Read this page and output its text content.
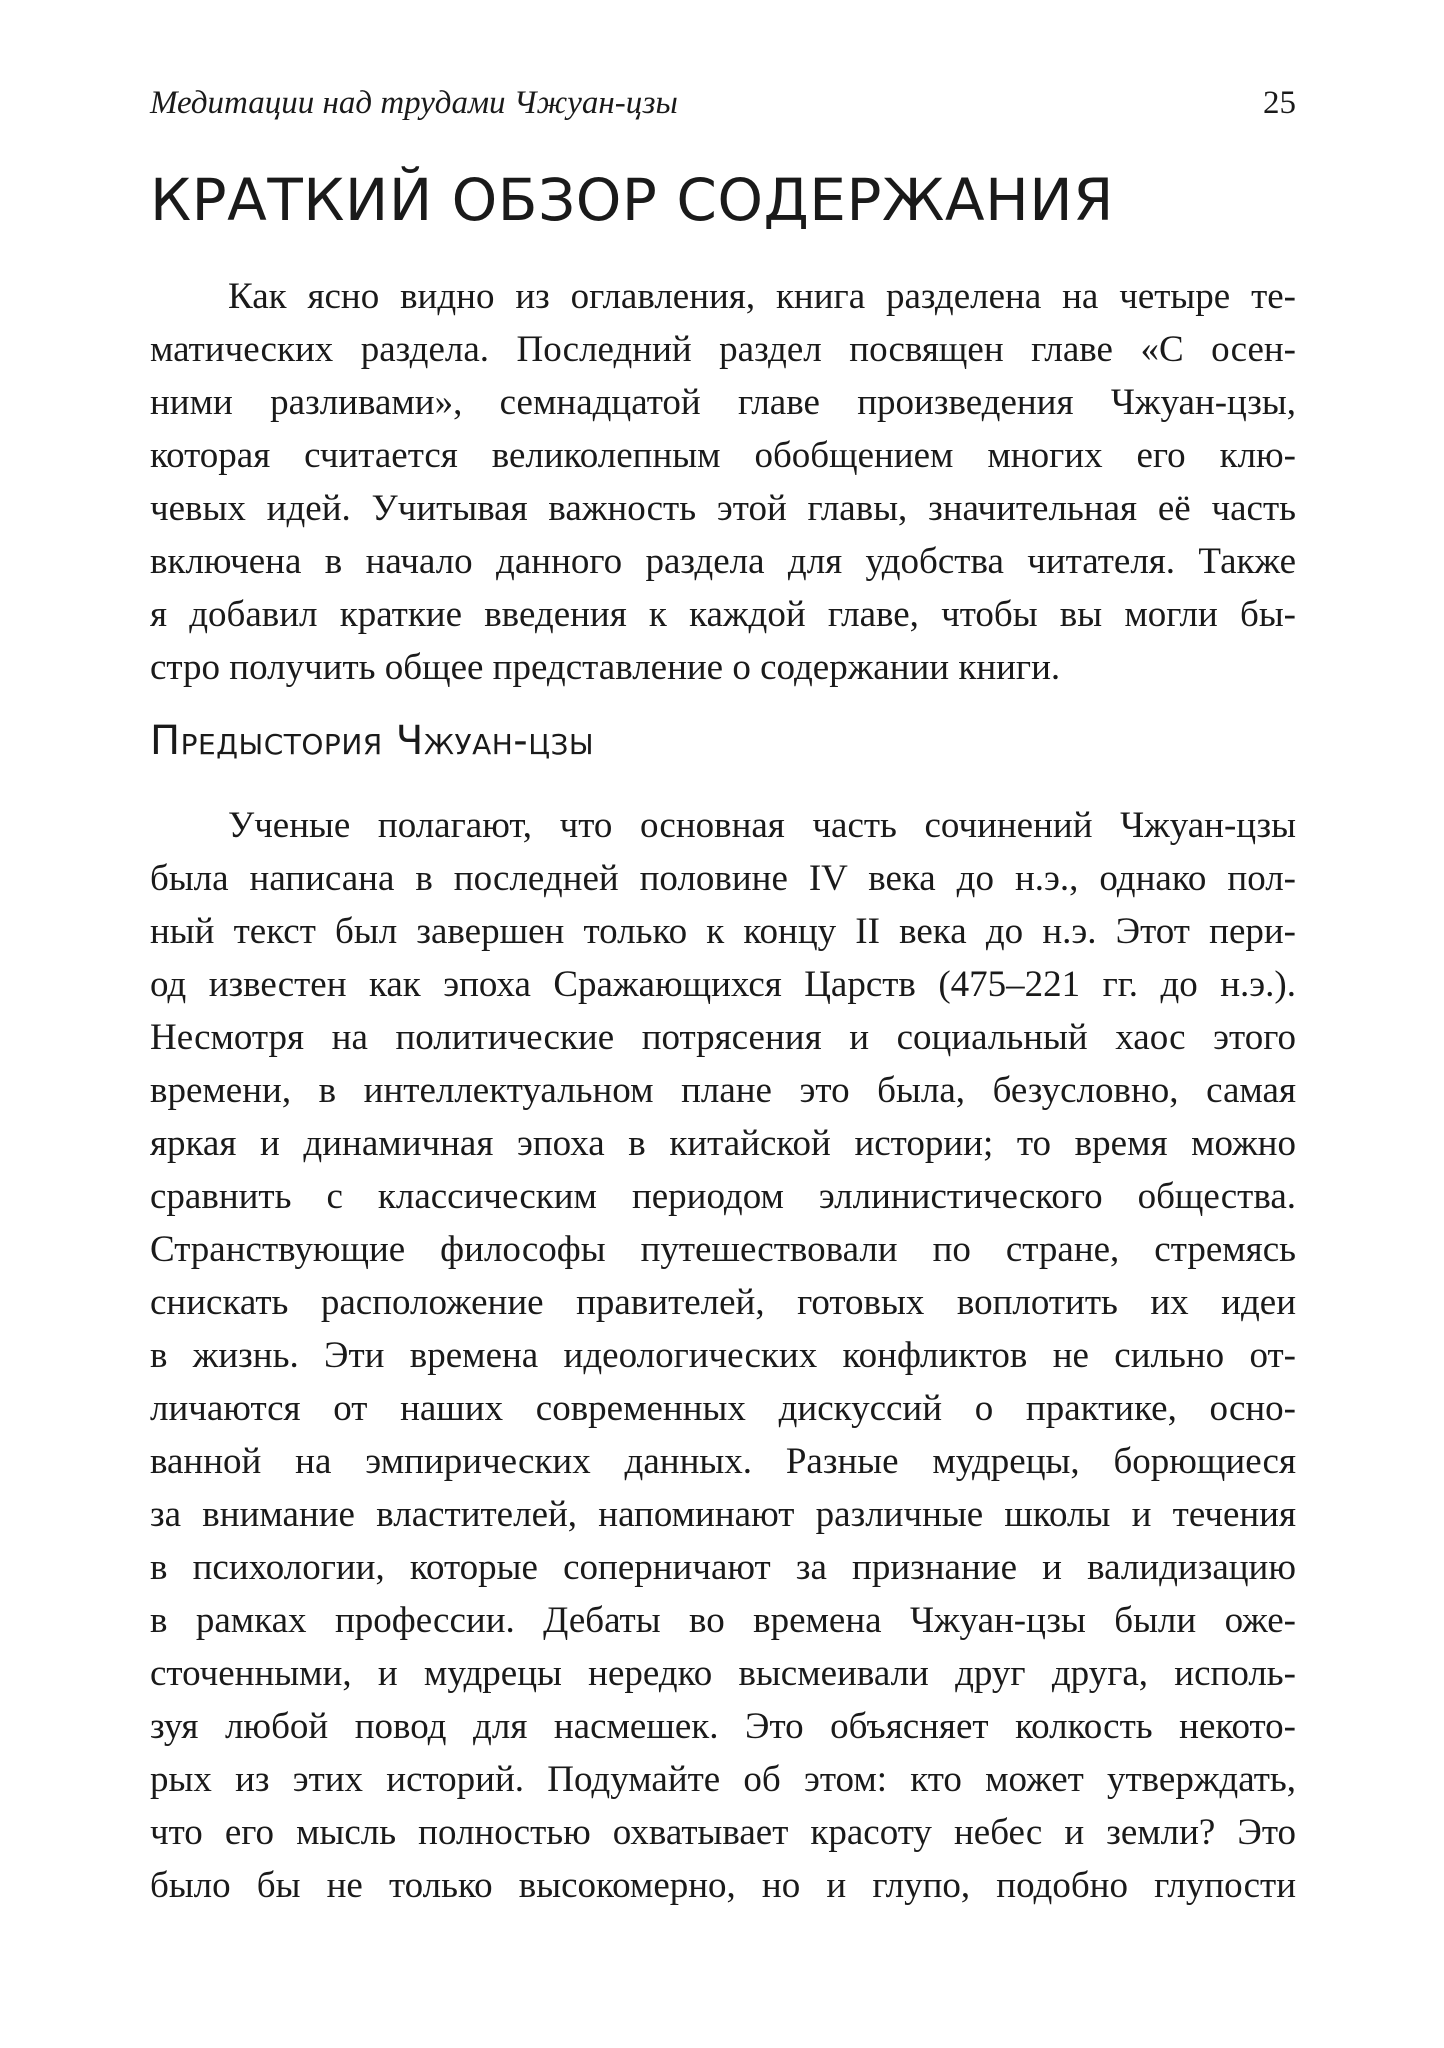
Медитации над трудами Чжуан-цзы	25
КРАТКИЙ ОБЗОР СОДЕРЖАНИЯ
Как ясно видно из оглавления, книга разделена на четыре те-
матических раздела. Последний раздел посвящен главе «С осен-
ними разливами», семнадцатой главе произведения Чжуан-цзы,
которая считается великолепным обобщением многих его клю-
чевых идей. Учитывая важность этой главы, значительная её часть
включена в начало данного раздела для удобства читателя. Также
я добавил краткие введения к каждой главе, чтобы вы могли бы-
стро получить общее представление о содержании книги.
Предыстория Чжуан-цзы
Ученые полагают, что основная часть сочинений Чжуан-цзы
была написана в последней половине IV века до н.э., однако пол-
ный текст был завершен только к концу II века до н.э. Этот пери-
од известен как эпоха Сражающихся Царств (475–221 гг. до н.э.).
Несмотря на политические потрясения и социальный хаос этого
времени, в интеллектуальном плане это была, безусловно, самая
яркая и динамичная эпоха в китайской истории; то время можно
сравнить с классическим периодом эллинистического общества.
Странствующие философы путешествовали по стране, стремясь
снискать расположение правителей, готовых воплотить их идеи
в жизнь. Эти времена идеологических конфликтов не сильно от-
личаются от наших современных дискуссий о практике, осно-
ванной на эмпирических данных. Разные мудрецы, борющиеся
за внимание властителей, напоминают различные школы и течения
в психологии, которые соперничают за признание и валидизацию
в рамках профессии. Дебаты во времена Чжуан-цзы были оже-
сточенными, и мудрецы нередко высмеивали друг друга, исполь-
зуя любой повод для насмешек. Это объясняет колкость некото-
рых из этих историй. Подумайте об этом: кто может утверждать,
что его мысль полностью охватывает красоту небес и земли? Это
было бы не только высокомерно, но и глупо, подобно глупости
